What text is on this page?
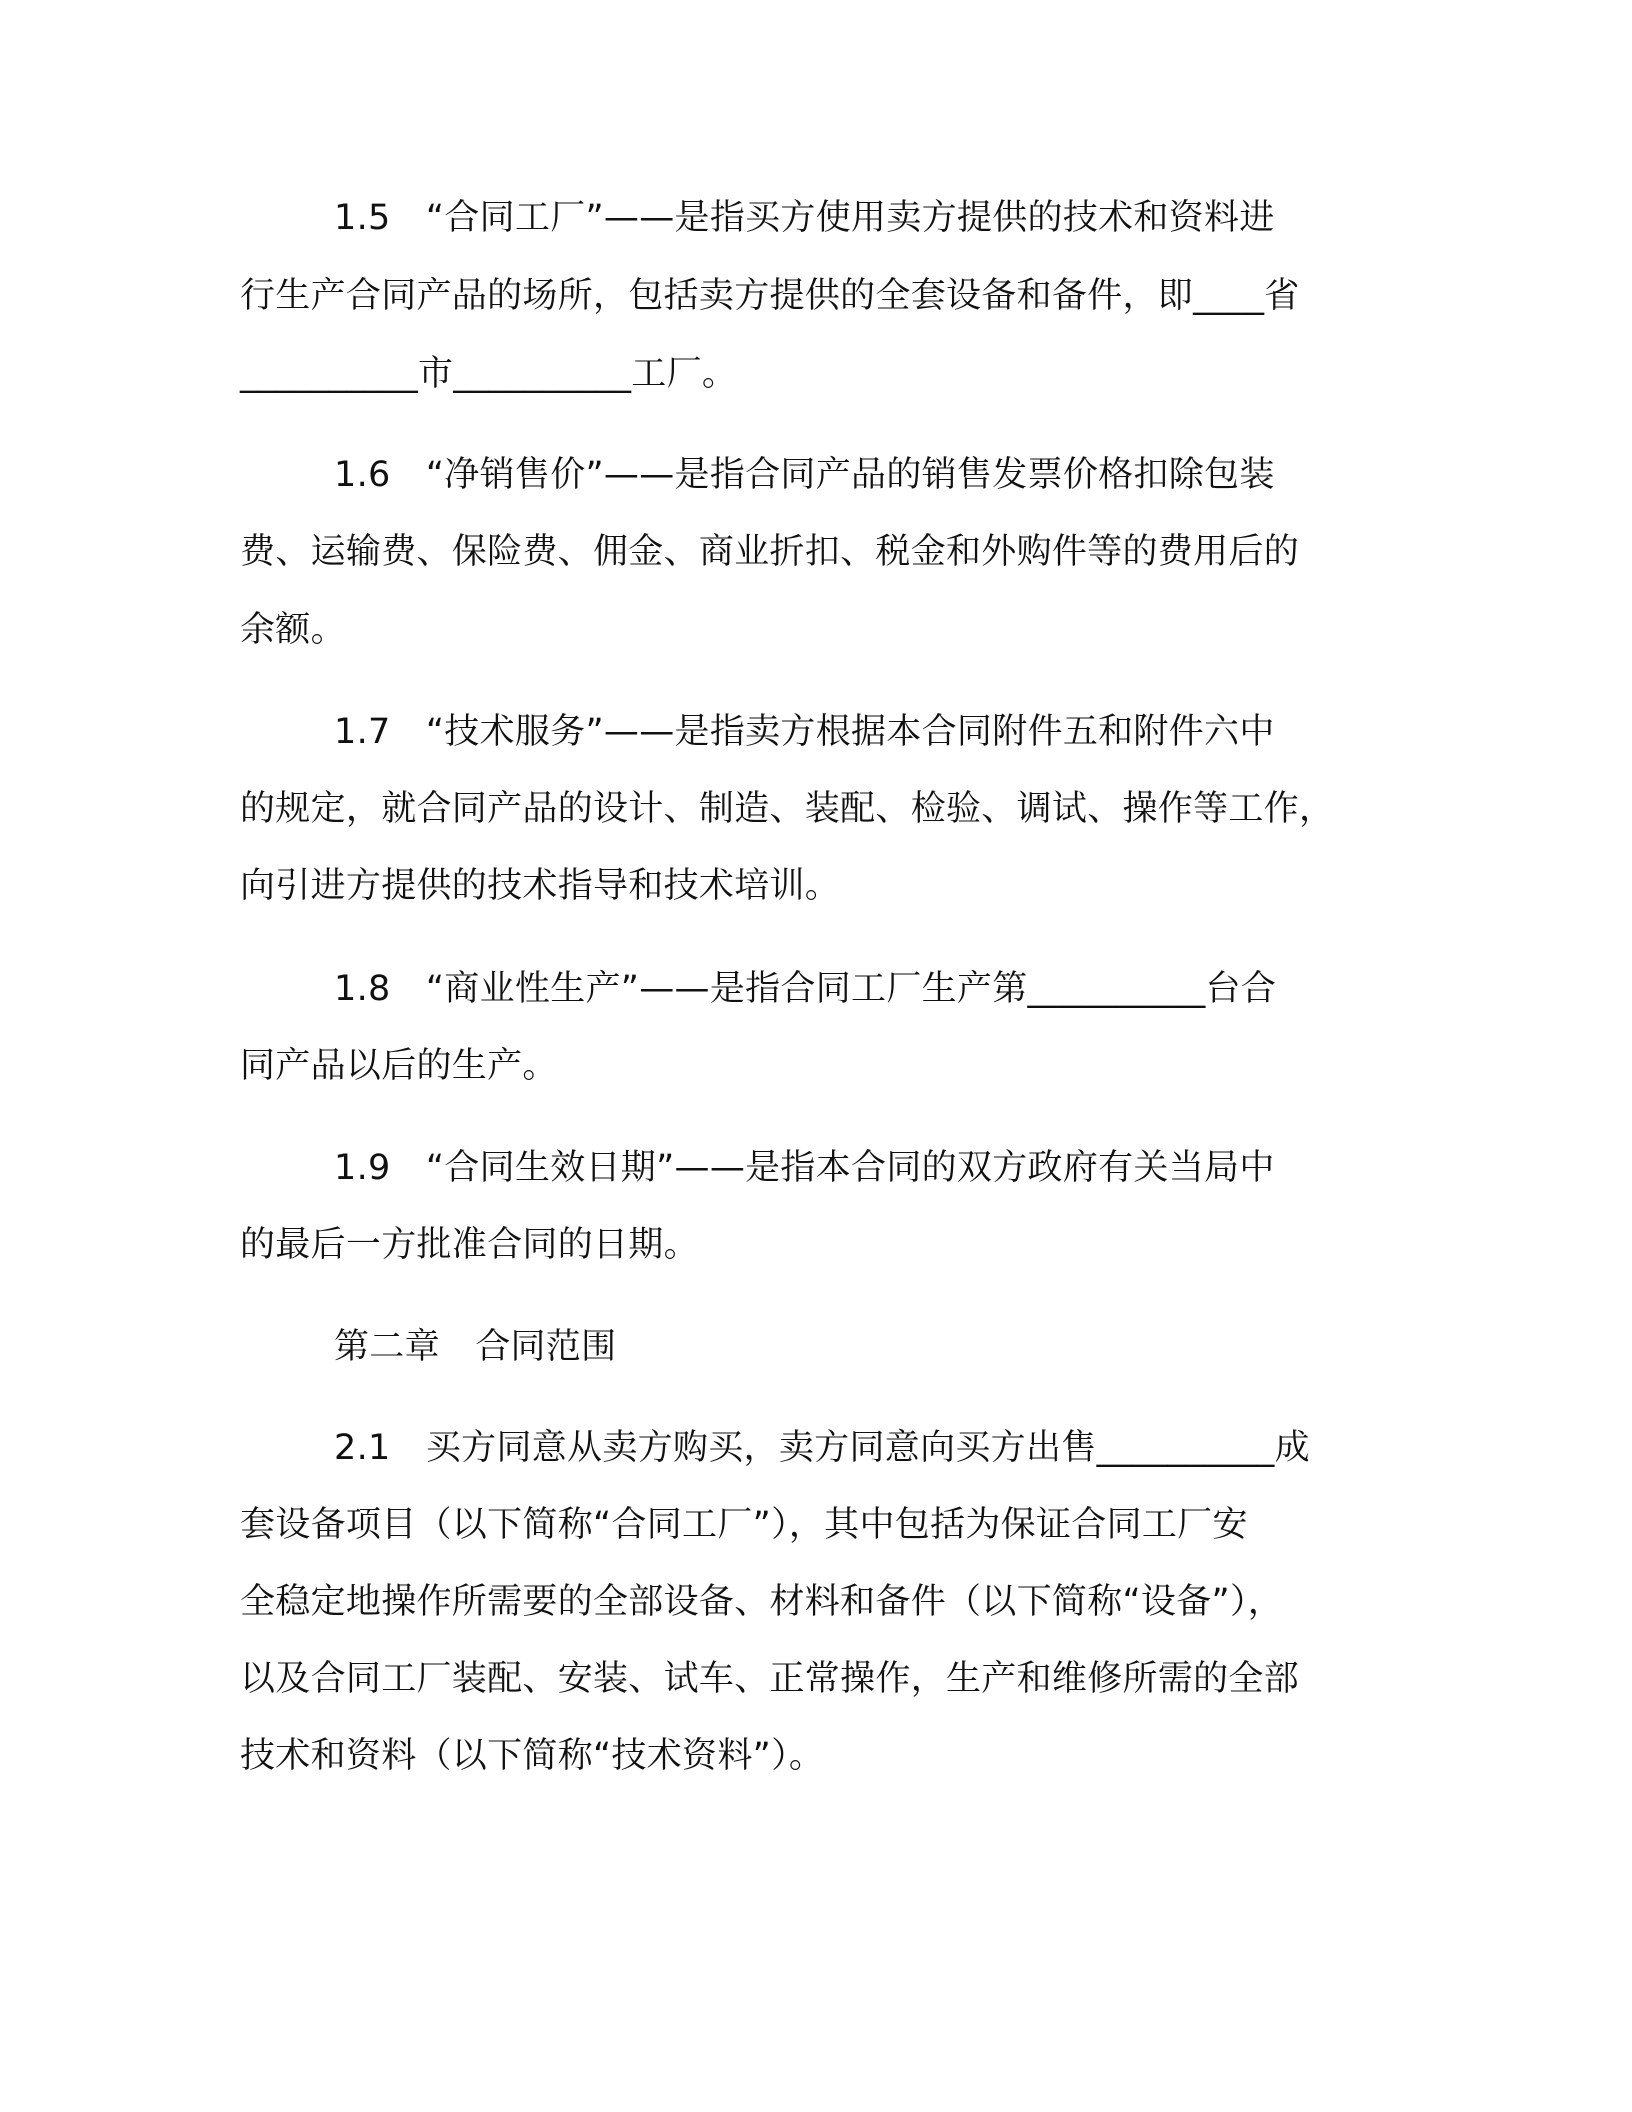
1.5　“合同工厂”——是指买方使用卖方提供的技术和资料进
行生产合同产品的场所，包括卖方提供的全套设备和备件，即____省
__________市__________工厂。
1.6　“净销售价”——是指合同产品的销售发票价格扣除包装
费、运输费、保险费、佣金、商业折扣、税金和外购件等的费用后的
余额。
1.7　“技术服务”——是指卖方根据本合同附件五和附件六中
的规定，就合同产品的设计、制造、装配、检验、调试、操作等工作，
向引进方提供的技术指导和技术培训。
1.8　“商业性生产”——是指合同工厂生产第__________台合
同产品以后的生产。
1.9　“合同生效日期”——是指本合同的双方政府有关当局中
的最后一方批准合同的日期。
第二章　合同范围
2.1　买方同意从卖方购买，卖方同意向买方出售__________成
套设备项目（以下简称“合同工厂”），其中包括为保证合同工厂安
全稳定地操作所需要的全部设备、材料和备件（以下简称“设备”），
以及合同工厂装配、安装、试车、正常操作，生产和维修所需的全部
技术和资料（以下简称“技术资料”）。
